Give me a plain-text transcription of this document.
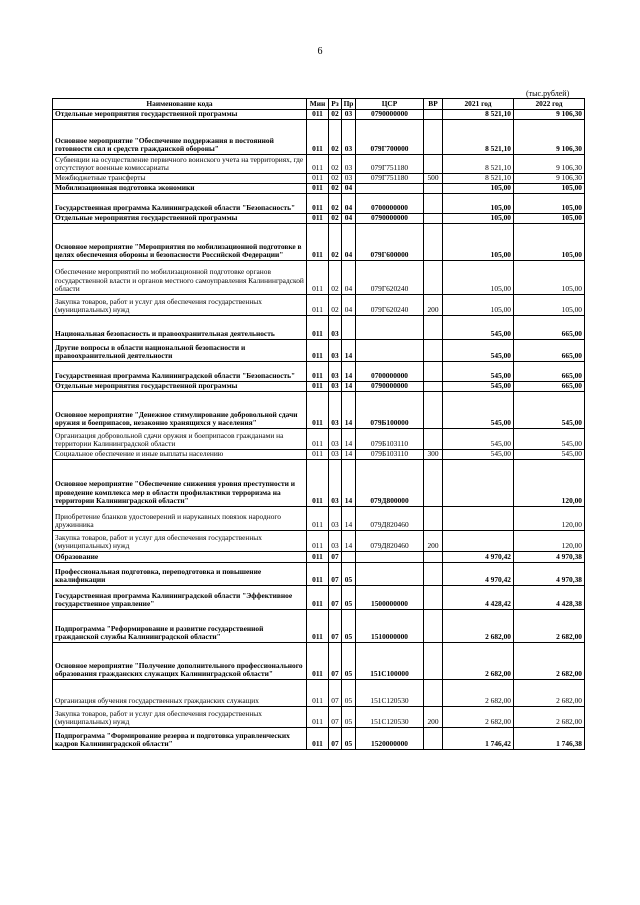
6
(тыс.рублей)
Наименование кода	Мин	Рз	Пр	ЦСР	ВР	2021 год	2022 год
Отдельные мероприятия государственной программы	011	02	03	0790000000		8 521,10	9 106,30
Основное мероприятие "Обеспечение поддержания в постоянной готовности сил и средств гражданской обороны"	011	02	03	079Г700000		8 521,10	9 106,30
Субвенции на осуществление первичного воинского учета на территориях, где отсутствуют военные комиссариаты	011	02	03	079Г751180		8 521,10	9 106,30
Межбюджетные трансферты	011	02	03	079Г751180	500	8 521,10	9 106,30
Мобилизационная подготовка экономики	011	02	04			105,00	105,00
Государственная программа Калининградской области "Безопасность"	011	02	04	0700000000		105,00	105,00
Отдельные мероприятия государственной программы	011	02	04	0790000000		105,00	105,00
Основное мероприятие "Мероприятия по мобилизационной подготовке в целях обеспечения обороны и безопасности Российской Федерации"	011	02	04	079Г600000		105,00	105,00
Обеспечение мероприятий по мобилизационной подготовке органов государственной власти и органов местного самоуправления Калининградской области	011	02	04	079Г620240		105,00	105,00
Закупка товаров, работ и услуг для обеспечения государственных (муниципальных) нужд	011	02	04	079Г620240	200	105,00	105,00
Национальная безопасность и правоохранительная деятельность	011	03				545,00	665,00
Другие вопросы в области национальной безопасности и правоохранительной деятельности	011	03	14			545,00	665,00
Государственная программа Калининградской области "Безопасность"	011	03	14	0700000000		545,00	665,00
Отдельные мероприятия государственной программы	011	03	14	0790000000		545,00	665,00
Основное мероприятие "Денежное стимулирование добровольной сдачи оружия и боеприпасов, незаконно хранящихся у населения"	011	03	14	079Б100000		545,00	545,00
Организация добровольной сдачи оружия и боеприпасов гражданами на территории Калининградской области	011	03	14	079Б103110		545,00	545,00
Социальное обеспечение и иные выплаты населению	011	03	14	079Б103110	300	545,00	545,00
Основное мероприятие "Обеспечение снижения уровня преступности и проведение комплекса мер в области профилактики терроризма на территории Калининградской области"	011	03	14	079Д800000			120,00
Приобретение бланков удостоверений и нарукавных повязок народного дружинника	011	03	14	079Д820460			120,00
Закупка товаров, работ и услуг для обеспечения государственных (муниципальных) нужд	011	03	14	079Д820460	200		120,00
Образование	011	07				4 970,42	4 970,38
Профессиональная подготовка, переподготовка и повышение квалификации	011	07	05			4 970,42	4 970,38
Государственная программа Калининградской области "Эффективное государственное управление"	011	07	05	1500000000		4 428,42	4 428,38
Подпрограмма "Реформирование и развитие государственной гражданской службы Калининградской области"	011	07	05	1510000000		2 682,00	2 682,00
Основное мероприятие "Получение дополнительного профессионального образования гражданских служащих Калининградской области"	011	07	05	151С100000		2 682,00	2 682,00
Организация обучения государственных гражданских служащих	011	07	05	151С120530		2 682,00	2 682,00
Закупка товаров, работ и услуг для обеспечения государственных (муниципальных) нужд	011	07	05	151С120530	200	2 682,00	2 682,00
Подпрограмма "Формирование резерва и подготовка управленческих кадров Калининградской области"	011	07	05	1520000000		1 746,42	1 746,38
